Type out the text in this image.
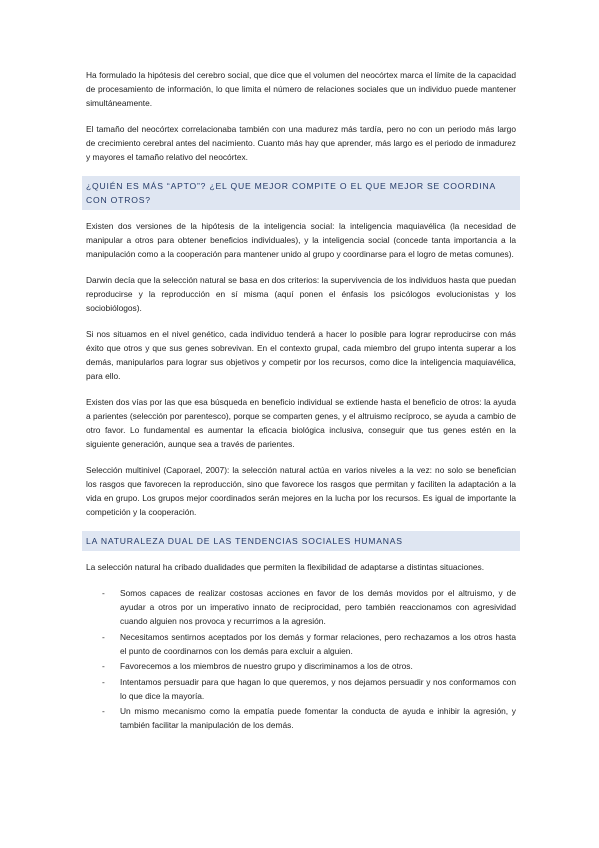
Ha formulado la hipótesis del cerebro social, que dice que el volumen del neocórtex marca el límite de la capacidad de procesamiento de información, lo que limita el número de relaciones sociales que un individuo puede mantener simultáneamente.

El tamaño del neocórtex correlacionaba también con una madurez más tardía, pero no con un periodo más largo de crecimiento cerebral antes del nacimiento. Cuanto más hay que aprender, más largo es el periodo de inmadurez y mayores el tamaño relativo del neocórtex.

¿QUIÉN ES MÁS “APTO”? ¿EL QUE MEJOR COMPITE O EL QUE MEJOR SE COORDINA CON OTROS?

Existen dos versiones de la hipótesis de la inteligencia social: la inteligencia maquiavélica (la necesidad de manipular a otros para obtener beneficios individuales), y la inteligencia social (concede tanta importancia a la manipulación como a la cooperación para mantener unido al grupo y coordinarse para el logro de metas comunes).

Darwin decía que la selección natural se basa en dos criterios: la supervivencia de los individuos hasta que puedan reproducirse y la reproducción en sí misma (aquí ponen el énfasis los psicólogos evolucionistas y los sociobiólogos).

Si nos situamos en el nivel genético, cada individuo tenderá a hacer lo posible para lograr reproducirse con más éxito que otros y que sus genes sobrevivan. En el contexto grupal, cada miembro del grupo intenta superar a los demás, manipularlos para lograr sus objetivos y competir por los recursos, como dice la inteligencia maquiavélica, para ello.

Existen dos vías por las que esa búsqueda en beneficio individual se extiende hasta el beneficio de otros: la ayuda a parientes (selección por parentesco), porque se comparten genes, y el altruismo recíproco, se ayuda a cambio de otro favor. Lo fundamental es aumentar la eficacia biológica inclusiva, conseguir que tus genes estén en la siguiente generación, aunque sea a través de parientes.

Selección multinivel (Caporael, 2007): la selección natural actúa en varios niveles a la vez: no solo se benefician los rasgos que favorecen la reproducción, sino que favorece los rasgos que permitan y faciliten la adaptación a la vida en grupo. Los grupos mejor coordinados serán mejores en la lucha por los recursos. Es igual de importante la competición y la cooperación.

LA NATURALEZA DUAL DE LAS TENDENCIAS SOCIALES HUMANAS

La selección natural ha cribado dualidades que permiten la flexibilidad de adaptarse a distintas situaciones.

- Somos capaces de realizar costosas acciones en favor de los demás movidos por el altruismo, y de ayudar a otros por un imperativo innato de reciprocidad, pero también reaccionamos con agresividad cuando alguien nos provoca y recurrimos a la agresión.
- Necesitamos sentirnos aceptados por los demás y formar relaciones, pero rechazamos a los otros hasta el punto de coordinarnos con los demás para excluir a alguien.
- Favorecemos a los miembros de nuestro grupo y discriminamos a los de otros.
- Intentamos persuadir para que hagan lo que queremos, y nos dejamos persuadir y nos conformamos con lo que dice la mayoría.
- Un mismo mecanismo como la empatía puede fomentar la conducta de ayuda e inhibir la agresión, y también facilitar la manipulación de los demás.
